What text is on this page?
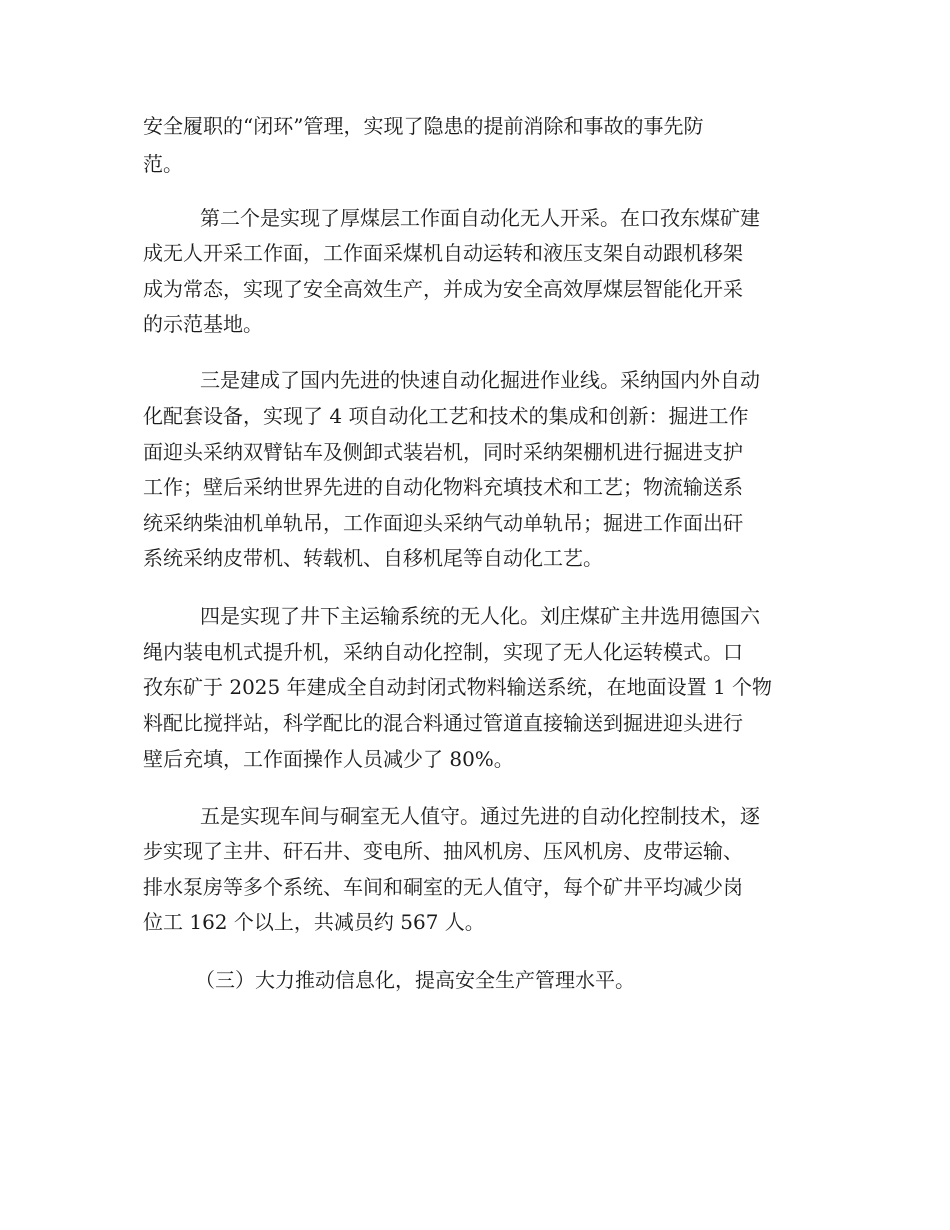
安全履职的“闭环”管理，实现了隐患的提前消除和事故的事先防
范。
第二个是实现了厚煤层工作面自动化无人开采。在口孜东煤矿建
成无人开采工作面，工作面采煤机自动运转和液压支架自动跟机移架
成为常态，实现了安全高效生产，并成为安全高效厚煤层智能化开采
的示范基地。
三是建成了国内先进的快速自动化掘进作业线。采纳国内外自动
化配套设备，实现了 4 项自动化工艺和技术的集成和创新：掘进工作
面迎头采纳双臂钻车及侧卸式装岩机，同时采纳架棚机进行掘进支护
工作；壁后采纳世界先进的自动化物料充填技术和工艺；物流输送系
统采纳柴油机单轨吊，工作面迎头采纳气动单轨吊；掘进工作面出矸
系统采纳皮带机、转载机、自移机尾等自动化工艺。
四是实现了井下主运输系统的无人化。刘庄煤矿主井选用德国六
绳内装电机式提升机，采纳自动化控制，实现了无人化运转模式。口
孜东矿于 2025 年建成全自动封闭式物料输送系统，在地面设置 1 个物
料配比搅拌站，科学配比的混合料通过管道直接输送到掘进迎头进行
壁后充填，工作面操作人员减少了 80%。
五是实现车间与硐室无人值守。通过先进的自动化控制技术，逐
步实现了主井、矸石井、变电所、抽风机房、压风机房、皮带运输、
排水泵房等多个系统、车间和硐室的无人值守，每个矿井平均减少岗
位工 162 个以上，共减员约 567 人。
（三）大力推动信息化，提高安全生产管理水平。
